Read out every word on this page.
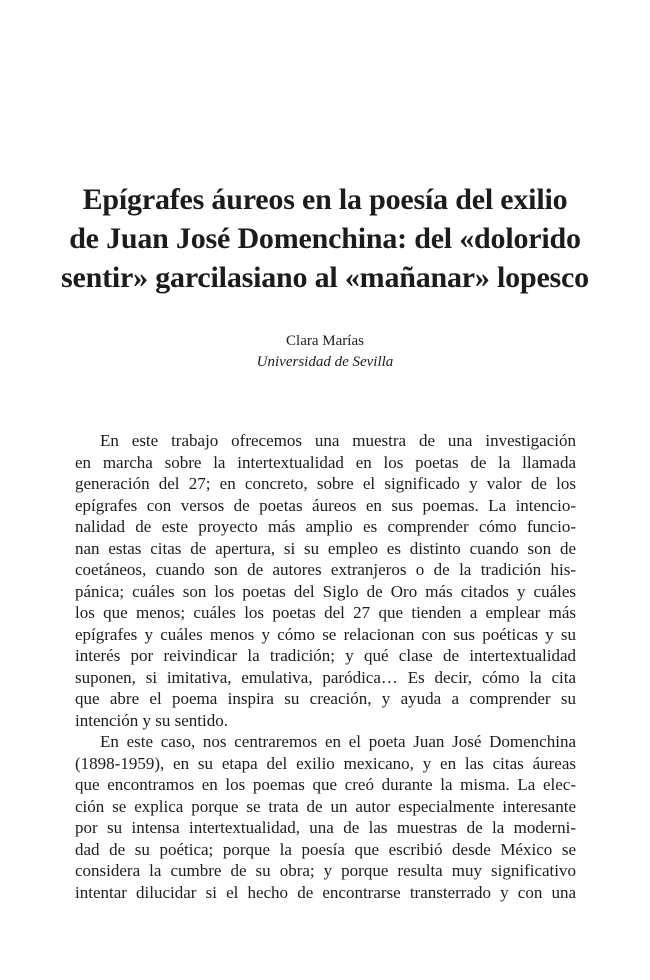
Epígrafes áureos en la poesía del exilio
de Juan José Domenchina: del «dolorido
sentir» garcilasiano al «mañanar» lopesco
Clara Marías
Universidad de Sevilla
En este trabajo ofrecemos una muestra de una investigación
en marcha sobre la intertextualidad en los poetas de la llamada
generación del 27; en concreto, sobre el significado y valor de los
epígrafes con versos de poetas áureos en sus poemas. La intencio-
nalidad de este proyecto más amplio es comprender cómo funcio-
nan estas citas de apertura, si su empleo es distinto cuando son de
coetáneos, cuando son de autores extranjeros o de la tradición his-
pánica; cuáles son los poetas del Siglo de Oro más citados y cuáles
los que menos; cuáles los poetas del 27 que tienden a emplear más
epígrafes y cuáles menos y cómo se relacionan con sus poéticas y su
interés por reivindicar la tradición; y qué clase de intertextualidad
suponen, si imitativa, emulativa, paródica… Es decir, cómo la cita
que abre el poema inspira su creación, y ayuda a comprender su
intención y su sentido.
En este caso, nos centraremos en el poeta Juan José Domenchina
(1898-1959), en su etapa del exilio mexicano, y en las citas áureas
que encontramos en los poemas que creó durante la misma. La elec-
ción se explica porque se trata de un autor especialmente interesante
por su intensa intertextualidad, una de las muestras de la moderni-
dad de su poética; porque la poesía que escribió desde México se
considera la cumbre de su obra; y porque resulta muy significativo
intentar dilucidar si el hecho de encontrarse transterrado y con una
